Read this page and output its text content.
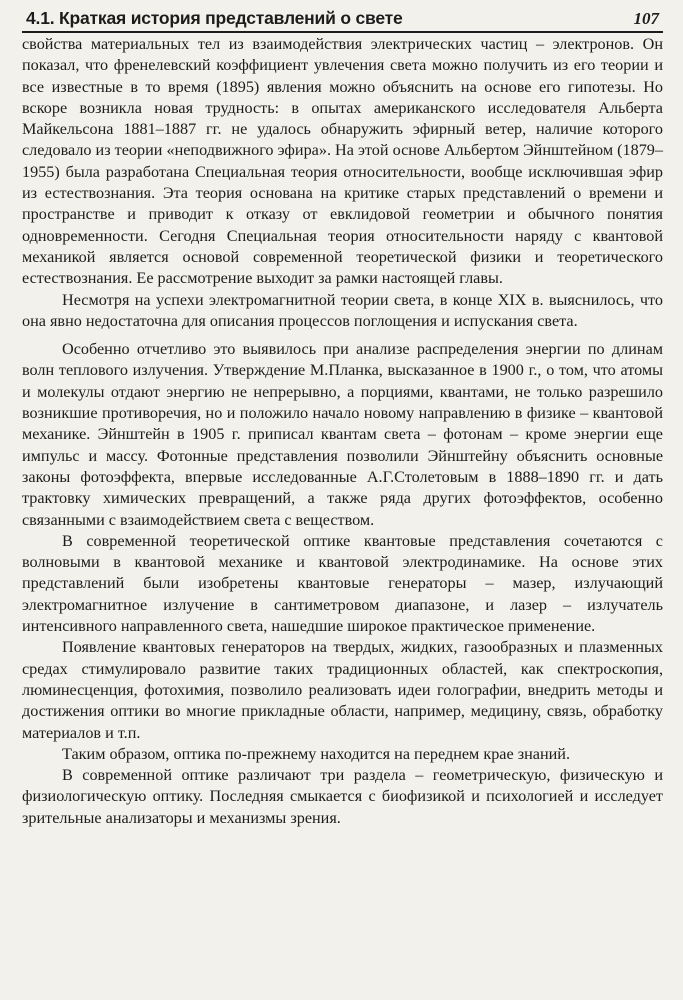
4.1. Краткая история представлений о свете	107

свойства материальных тел из взаимодействия электрических частиц – электронов. Он показал, что френелевский коэффициент увлечения света можно получить из его теории и все известные в то время (1895) явления можно объяснить на основе его гипотезы. Но вскоре возникла новая трудность: в опытах американского исследователя Альберта Майкельсона 1881–1887 гг. не удалось обнаружить эфирный ветер, наличие которого следовало из теории «неподвижного эфира». На этой основе Альбертом Эйнштейном (1879–1955) была разработана Специальная теория относительности, вообще исключившая эфир из естествознания. Эта теория основана на критике старых представлений о времени и пространстве и приводит к отказу от евклидовой геометрии и обычного понятия одновременности. Сегодня Специальная теория относительности наряду с квантовой механикой является основой современной теоретической физики и теоретического естествознания. Ее рассмотрение выходит за рамки настоящей главы.

Несмотря на успехи электромагнитной теории света, в конце XIX в. выяснилось, что она явно недостаточна для описания процессов поглощения и испускания света.

Особенно отчетливо это выявилось при анализе распределения энергии по длинам волн теплового излучения. Утверждение М.Планка, высказанное в 1900 г., о том, что атомы и молекулы отдают энергию не непрерывно, а порциями, квантами, не только разрешило возникшие противоречия, но и положило начало новому направлению в физике – квантовой механике. Эйнштейн в 1905 г. приписал квантам света – фотонам – кроме энергии еще импульс и массу. Фотонные представления позволили Эйнштейну объяснить основные законы фотоэффекта, впервые исследованные А.Г.Столетовым в 1888–1890 гг. и дать трактовку химических превращений, а также ряда других фотоэффектов, особенно связанными с взаимодействием света с веществом.

В современной теоретической оптике квантовые представления сочетаются с волновыми в квантовой механике и квантовой электродинамике. На основе этих представлений были изобретены квантовые генераторы – мазер, излучающий электромагнитное излучение в сантиметровом диапазоне, и лазер – излучатель интенсивного направленного света, нашедшие широкое практическое применение.

Появление квантовых генераторов на твердых, жидких, газообразных и плазменных средах стимулировало развитие таких традиционных областей, как спектроскопия, люминесценция, фотохимия, позволило реализовать идеи голографии, внедрить методы и достижения оптики во многие прикладные области, например, медицину, связь, обработку материалов и т.п.

Таким образом, оптика по-прежнему находится на переднем крае знаний.

В современной оптике различают три раздела – геометрическую, физическую и физиологическую оптику. Последняя смыкается с биофизикой и психологией и исследует зрительные анализаторы и механизмы зрения.
